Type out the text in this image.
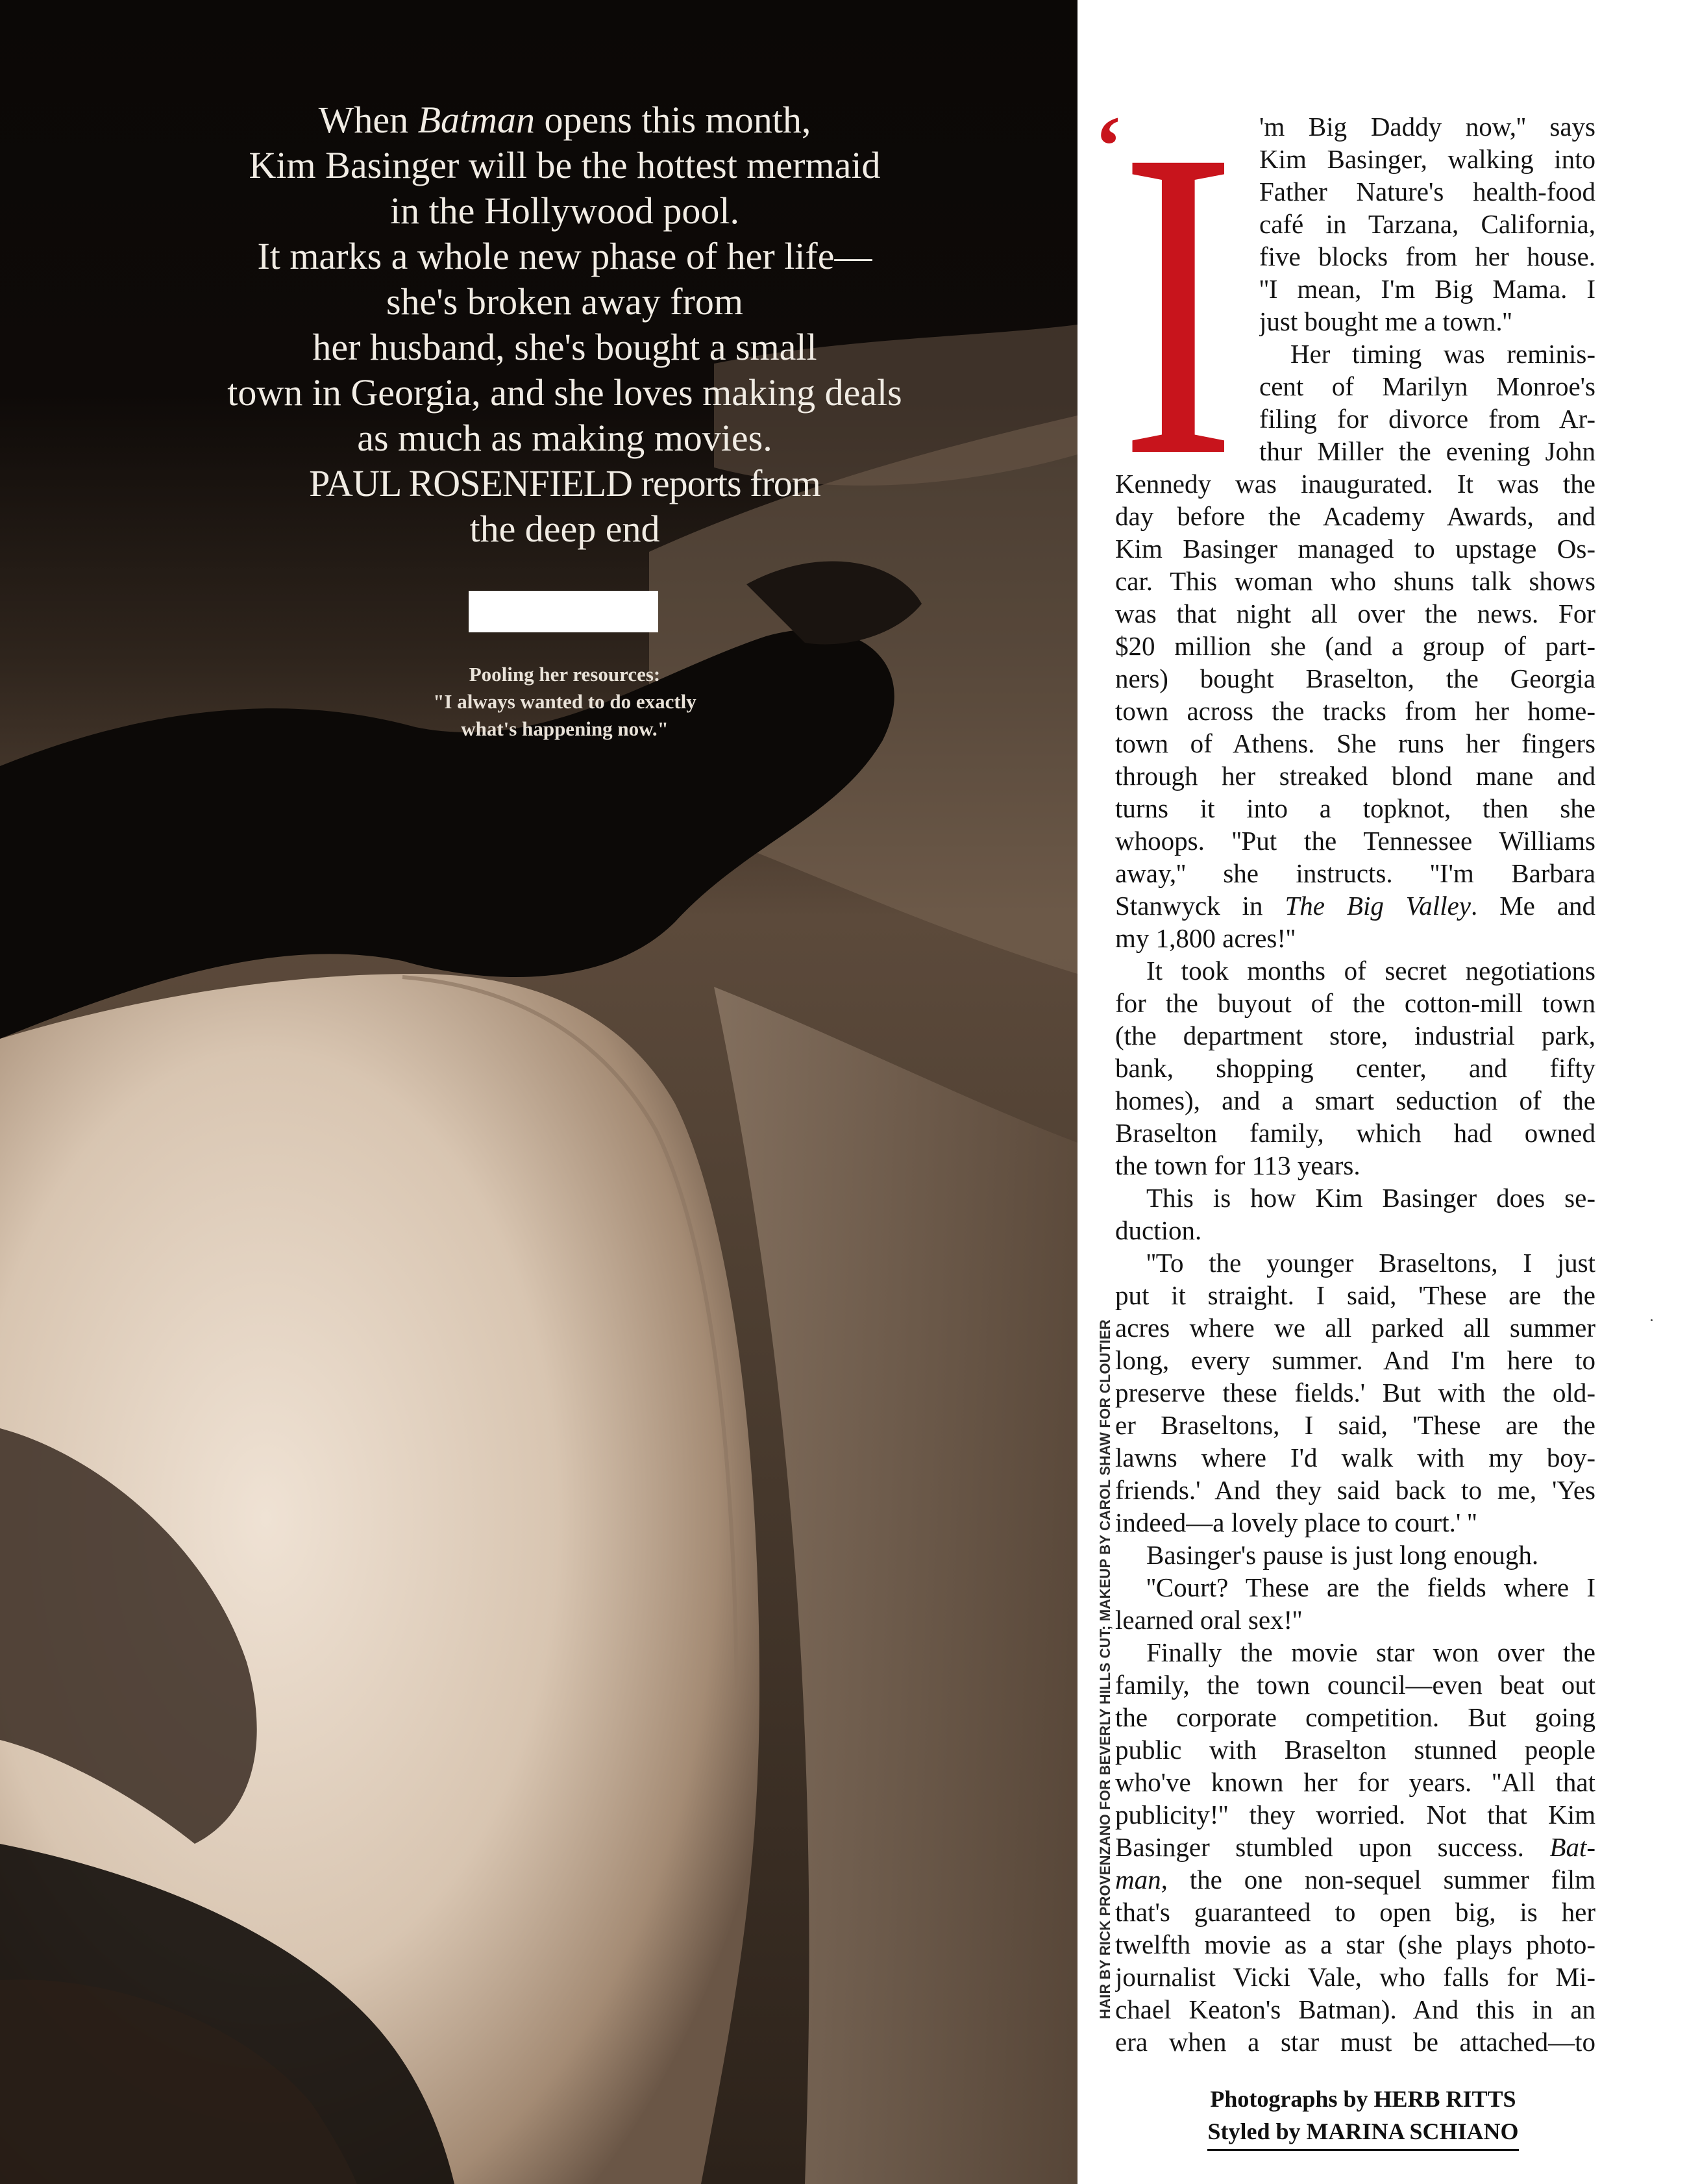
When Batman opens this month,
Kim Basinger will be the hottest mermaid
in the Hollywood pool.
It marks a whole new phase of her life—
she's broken away from
her husband, she's bought a small
town in Georgia, and she loves making deals
as much as making movies.
PAUL ROSENFIELD reports from
the deep end
Pooling her resources:
"I always wanted to do exactly
what's happening now."
HAIR BY RICK PROVENZANO FOR BEVERLY HILLS CUT; MAKEUP BY CAROL SHAW FOR CLOUTIER
‘
I 'm Big Daddy now,'' says
Kim Basinger, walking into
Father Nature's health-food
café in Tarzana, California,
five blocks from her house.
''I mean, I'm Big Mama. I
just bought me a town.''
Her timing was reminis-
cent of Marilyn Monroe's
filing for divorce from Ar-
thur Miller the evening John
Kennedy was inaugurated. It was the
day before the Academy Awards, and
Kim Basinger managed to upstage Os-
car. This woman who shuns talk shows
was that night all over the news. For
$20 million she (and a group of part-
ners) bought Braselton, the Georgia
town across the tracks from her home-
town of Athens. She runs her fingers
through her streaked blond mane and
turns it into a topknot, then she
whoops. ''Put the Tennessee Williams
away,'' she instructs. ''I'm Barbara
Stanwyck in The Big Valley. Me and
my 1,800 acres!''
It took months of secret negotiations
for the buyout of the cotton-mill town
(the department store, industrial park,
bank, shopping center, and fifty
homes), and a smart seduction of the
Braselton family, which had owned
the town for 113 years.
This is how Kim Basinger does se-
duction.
''To the younger Braseltons, I just
put it straight. I said, 'These are the
acres where we all parked all summer
long, every summer. And I'm here to
preserve these fields.' But with the old-
er Braseltons, I said, 'These are the
lawns where I'd walk with my boy-
friends.' And they said back to me, 'Yes
indeed—a lovely place to court.' ''
Basinger's pause is just long enough.
''Court? These are the fields where I
learned oral sex!''
Finally the movie star won over the
family, the town council—even beat out
the corporate competition. But going
public with Braselton stunned people
who've known her for years. ''All that
publicity!'' they worried. Not that Kim
Basinger stumbled upon success. Bat-
man, the one non-sequel summer film
that's guaranteed to open big, is her
twelfth movie as a star (she plays photo-
journalist Vicki Vale, who falls for Mi-
chael Keaton's Batman). And this in an
era when a star must be attached—to
Photographs by HERB RITTS
Styled by MARINA SCHIANO
